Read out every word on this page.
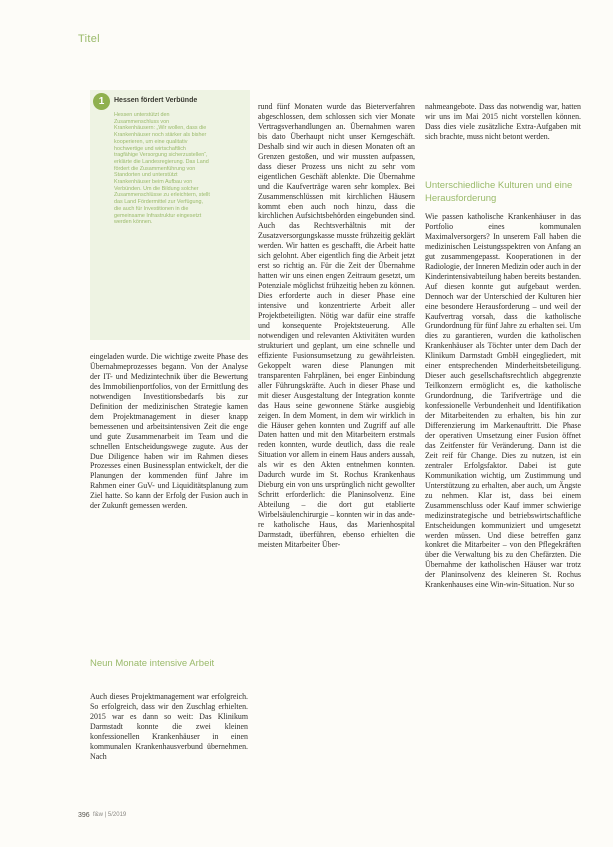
Titel
1	Hessen fördert Verbünde

Hessen unterstützt den Zusammenschluss von Krankenhäusern: „Wir wollen, dass die Krankenhäuser noch stärker als bisher kooperieren, um eine qualitativ hochwertige und wirtschaftlich tragfähige Versorgung sicherzustellen“, erklärte die Landesregierung. Das Land fördert die Zusammenführung von Standorten und unterstützt Krankenhäuser beim Aufbau von Verbünden. Um die Bildung solcher Zusammenschlüsse zu erleichtern, stellt das Land Fördermittel zur Verfügung, die auch für Investitionen in die gemeinsame Infrastruktur eingesetzt werden können.

eingeladen wurde. Die wichtige zweite Phase des Übernahmeprozesses begann. Von der Analyse der IT- und Medizintechnik über die Bewertung des Immobilienportfolios, von der Ermittlung des notwendigen Investitionsbedarfs bis zur Definition der medizinischen Strategie kamen dem Projektmanagement in dieser knapp bemessenen und arbeitsintensiven Zeit die enge und gute Zusammenarbeit im Team und die schnellen Entscheidungswege zugute. Aus der Due Diligence haben wir im Rahmen dieses Prozesses einen Businessplan entwickelt, der die Planungen der kommenden fünf Jahre im Rahmen einer GuV- und Liquiditätsplanung zum Ziel hatte. So kann der Erfolg der Fusion auch in der Zukunft gemessen werden.

Neun Monate intensive Arbeit

Auch dieses Projektmanagement war erfolgreich. So erfolgreich, dass wir den Zuschlag erhielten. 2015 war es dann so weit: Das Klinikum Darmstadt konnte die zwei kleinen konfessionellen Krankenhäuser in einen kommunalen Krankenhausverbund übernehmen. Nach

rund fünf Monaten wurde das Bieterverfahren abgeschlossen, dem schlossen sich vier Monate Vertragsverhandlungen an. Übernahmen waren bis dato Überhaupt nicht unser Kerngeschäft. Deshalb sind wir auch in diesen Monaten oft an Grenzen gestoßen, und wir mussten aufpassen, dass dieser Prozess uns nicht zu sehr vom eigentlichen Geschäft ablenkte. Die Übernahme und die Kaufverträge waren sehr komplex. Bei Zusammenschlüssen mit kirchlichen Häusern kommt eben auch noch hinzu, dass die kirchlichen Aufsichtsbehörden eingebunden sind. Auch das Rechtsverhältnis mit der Zusatzversorgungskasse musste frühzeitig geklärt werden. Wir hatten es geschafft, die Arbeit hatte sich gelohnt. Aber eigentlich fing die Arbeit jetzt erst so richtig an. Für die Zeit der Übernahme hatten wir uns einen engen Zeitraum gesetzt, um Potenziale möglichst frühzeitig heben zu können. Dies erforderte auch in dieser Phase eine intensive und konzentrierte Arbeit aller Projektbeteiligten. Nötig war dafür eine straffe und konsequente Projektsteuerung. Alle notwendigen und relevanten Aktivitäten wurden strukturiert und geplant, um eine schnelle und effiziente Fusionsumsetzung zu gewährleisten. Gekoppelt waren diese Planungen mit transparenten Fahrplänen, bei enger Einbindung aller Führungskräfte. Auch in dieser Phase und mit dieser Ausgestaltung der Integration konnte das Haus seine gewonnene Stärke ausgiebig zeigen. In dem Moment, in dem wir wirklich in die Häuser gehen konnten und Zugriff auf alle Daten hatten und mit den Mitarbeitern erstmals reden konnten, wurde deutlich, dass die reale Situation vor allem in einem Haus anders aussah, als wir es den Akten entnehmen konnten. Dadurch wurde im St. Rochus Krankenhaus Dieburg ein von uns ursprünglich nicht gewollter Schritt erforderlich: die Planinsolvenz. Eine Abteilung – die dort gut etablierte Wirbelsäulenchirurgie – konnten wir in das ande-re katholische Haus, das Marienhospital Darmstadt, überführen, ebenso erhielten die meisten Mitarbeiter Über-

nahmeangebote. Dass das notwendig war, hatten wir uns im Mai 2015 nicht vorstellen können. Dass dies viele zusätzliche Extra-Aufgaben mit sich brachte, muss nicht betont werden.

Unterschiedliche Kulturen und eine Herausforderung

Wie passen katholische Krankenhäuser in das Portfolio eines kommunalen Maximalversorgers? In unserem Fall haben die medizinischen Leistungsspektren von Anfang an gut zusammengepasst. Kooperationen in der Radiologie, der Inneren Medizin oder auch in der Kinderintensivabteilung haben bereits bestanden. Auf diesen konnte gut aufgebaut werden. Dennoch war der Unterschied der Kulturen hier eine besondere Herausforderung – und weil der Kaufvertrag vorsah, dass die katholische Grundordnung für fünf Jahre zu erhalten sei. Um dies zu garantieren, wurden die katholischen Krankenhäuser als Töchter unter dem Dach der Klinikum Darmstadt GmbH eingegliedert, mit einer entsprechenden Minderheitsbeteiligung. Dieser auch gesellschaftsrechtlich abgegrenzte Teilkonzern ermöglicht es, die katholische Grundordnung, die Tarifverträge und die konfessionelle Verbundenheit und Identifikation der Mitarbeitenden zu erhalten, bis hin zur Differenzierung im Markenauftritt. Die Phase der operativen Umsetzung einer Fusion öffnet das Zeitfenster für Veränderung. Dann ist die Zeit reif für Change. Dies zu nutzen, ist ein zentraler Erfolgsfaktor. Dabei ist gute Kommunikation wichtig, um Zustimmung und Unterstützung zu erhalten, aber auch, um Ängste zu nehmen. Klar ist, dass bei einem Zusammenschluss oder Kauf immer schwierige medizinstrategische und betriebswirtschaftliche Entscheidungen kommuniziert und umgesetzt werden müssen. Und diese betreffen ganz konkret die Mitarbeiter – von den Pflegekräften über die Verwaltung bis zu den Chefärzten. Die Übernahme der katholischen Häuser war trotz der Planinsolvenz des kleineren St. Rochus Krankenhauses eine Win-win-Situation. Nur so

396 f&w | 5/2019
